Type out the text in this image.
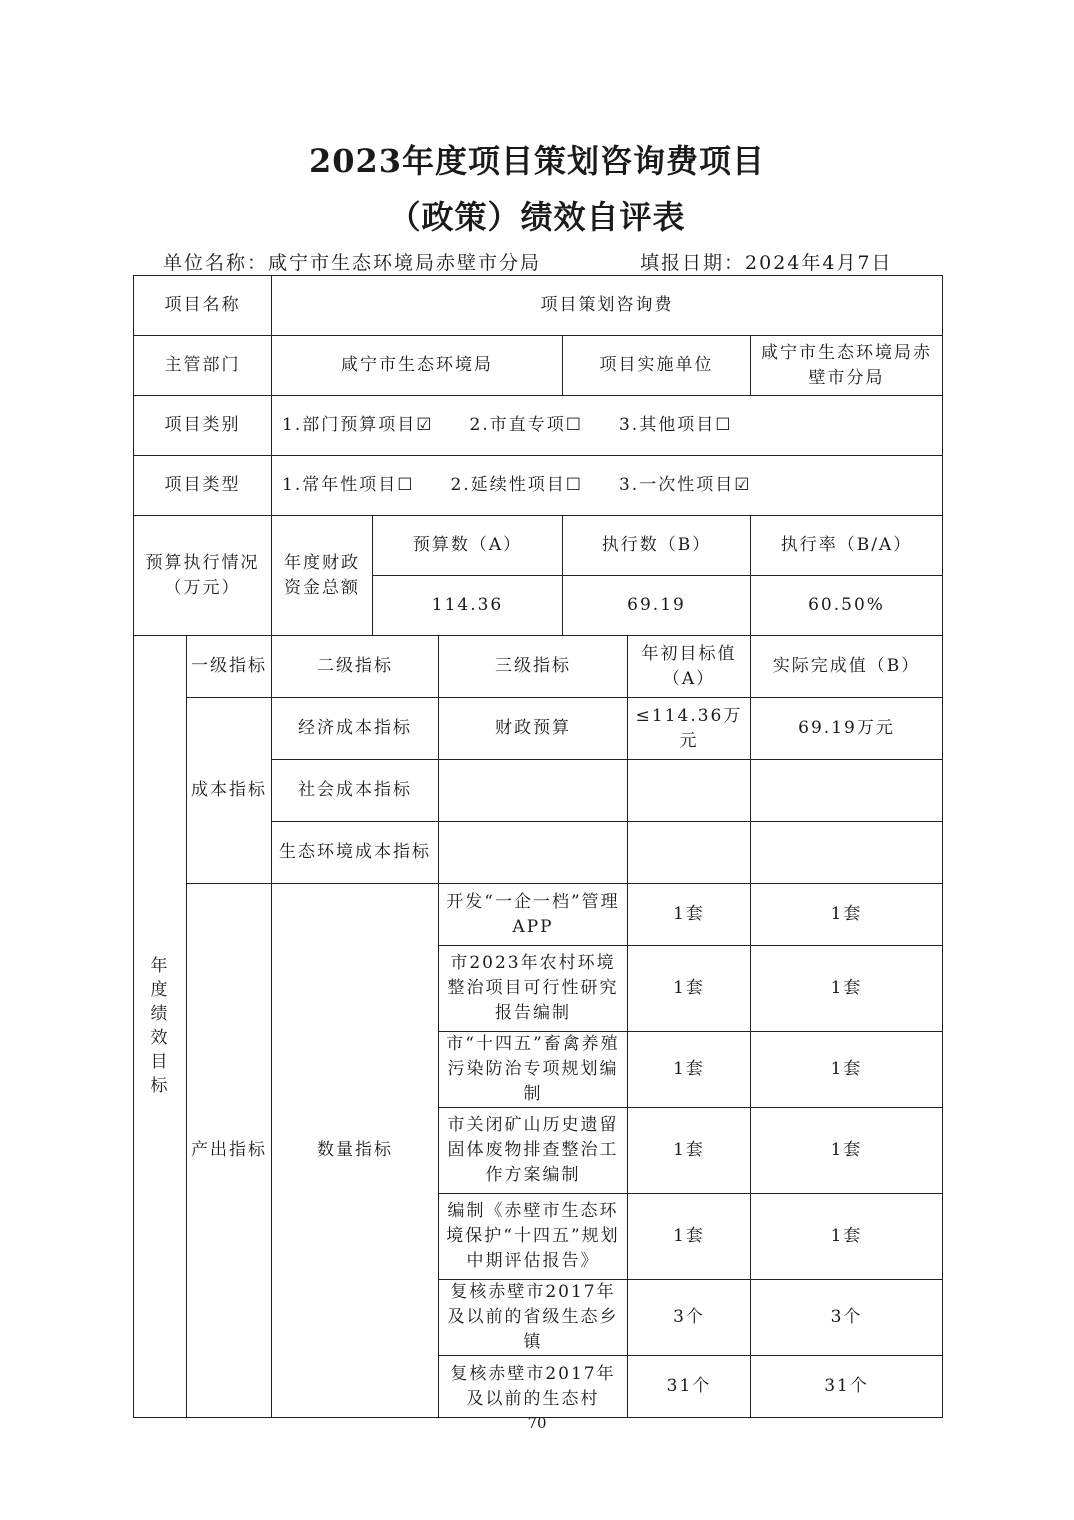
2023年度项目策划咨询费项目
（政策）绩效自评表
单位名称：咸宁市生态环境局赤壁市分局	填报日期：2024年4月7日
项目名称		项目策划咨询费					
主管部门		咸宁市生态环境局			项目实施单位		咸宁市生态环境局赤壁市分局
项目类别		1.部门预算项目☑ 2.市直专项☐ 3.其他项目☐					
项目类型		1.常年性项目☐ 2.延续性项目☐ 3.一次性项目☑					
预算执行情况（万元）		年度财政资金总额	预算数（A）		执行数（B）		执行率（B/A）
			114.36		69.19		60.50%
年度绩效目标	一级指标	二级指标		三级指标		年初目标值（A）	实际完成值（B）
	成本指标	经济成本指标		财政预算		≤114.36万元	69.19万元
		社会成本指标					
		生态环境成本指标					
	产出指标	数量指标		开发“一企一档”管理APP		1套	1套
				市2023年农村环境整治项目可行性研究报告编制		1套	1套
				市“十四五”畜禽养殖污染防治专项规划编制		1套	1套
				市关闭矿山历史遗留固体废物排查整治工作方案编制		1套	1套
				编制《赤壁市生态环境保护“十四五”规划中期评估报告》		1套	1套
				复核赤壁市2017年及以前的省级生态乡镇		3个	3个
				复核赤壁市2017年及以前的生态村		31个	31个
70
